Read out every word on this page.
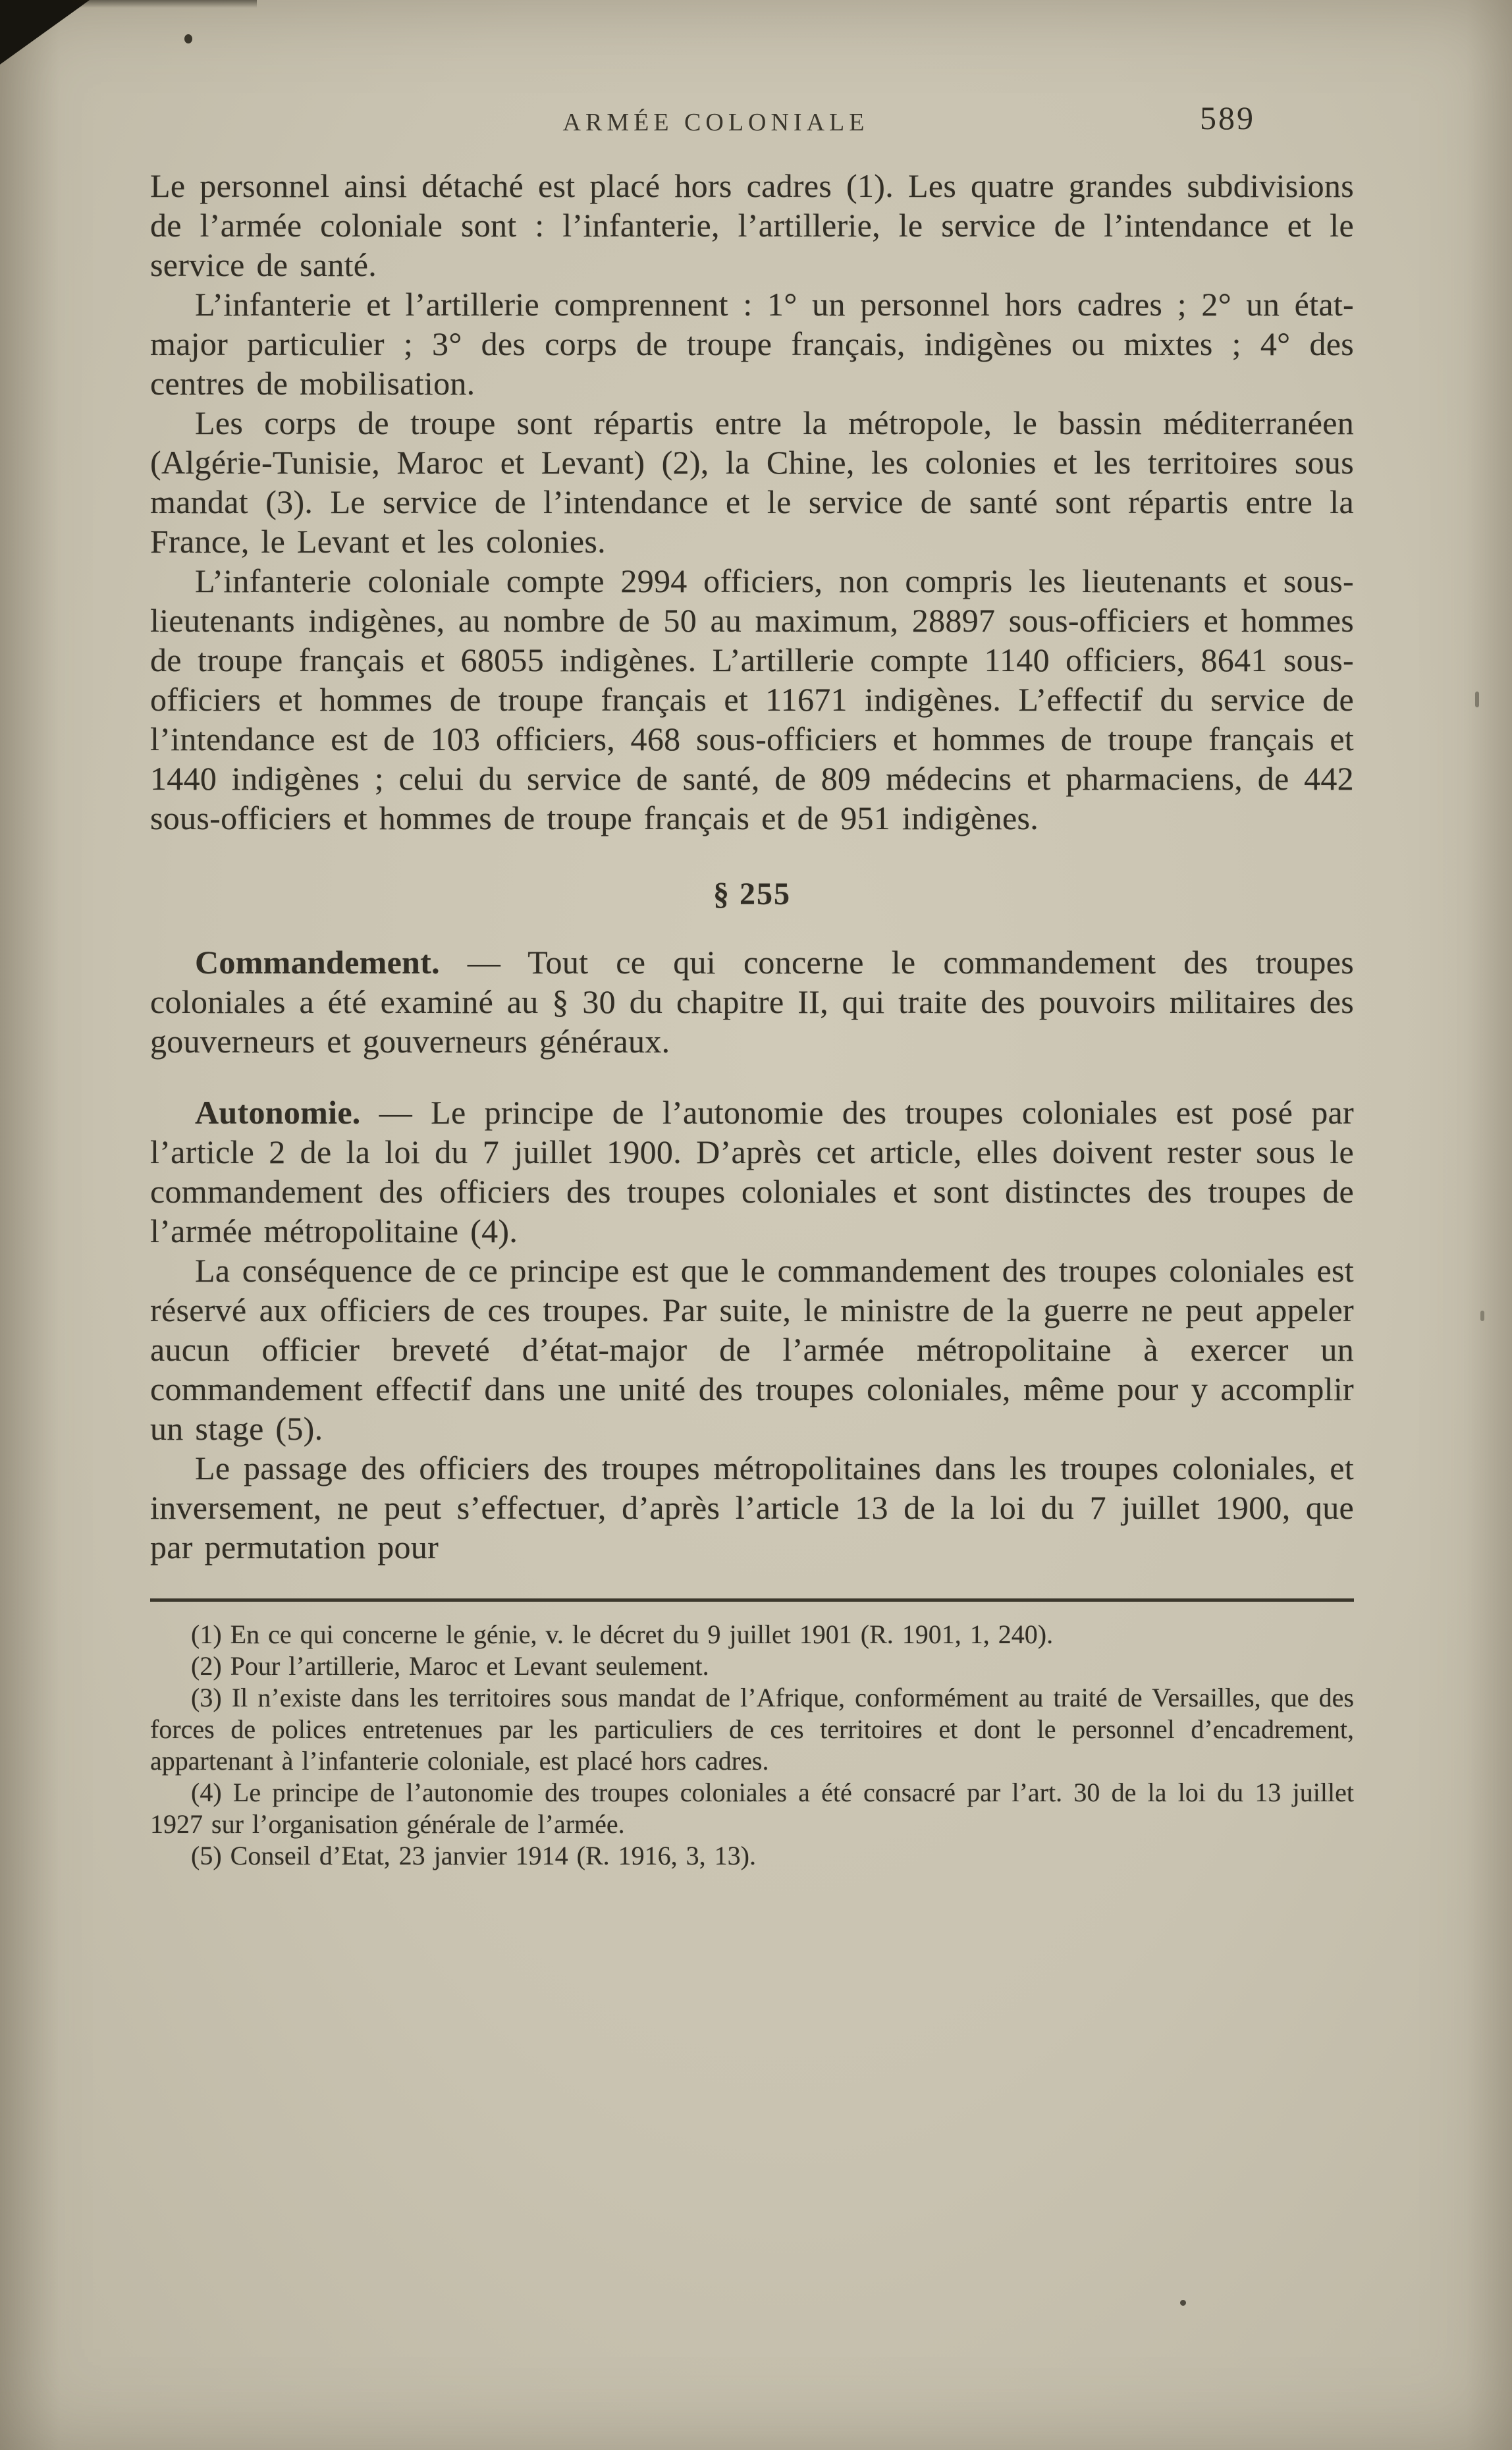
ARMÉE COLONIALE	589

Le personnel ainsi détaché est placé hors cadres (1). Les quatre grandes subdivisions de l’armée coloniale sont : l’infanterie, l’artillerie, le service de l’intendance et le service de santé.

L’infanterie et l’artillerie comprennent : 1° un personnel hors cadres ; 2° un état-major particulier ; 3° des corps de troupe français, indigènes ou mixtes ; 4° des centres de mobilisation.

Les corps de troupe sont répartis entre la métropole, le bassin méditerranéen (Algérie-Tunisie, Maroc et Levant) (2), la Chine, les colonies et les territoires sous mandat (3). Le service de l’intendance et le service de santé sont répartis entre la France, le Levant et les colonies.

L’infanterie coloniale compte 2994 officiers, non compris les lieutenants et sous-lieutenants indigènes, au nombre de 50 au maximum, 28897 sous-officiers et hommes de troupe français et 68055 indigènes. L’artillerie compte 1140 officiers, 8641 sous-officiers et hommes de troupe français et 11671 indigènes. L’effectif du service de l’intendance est de 103 officiers, 468 sous-officiers et hommes de troupe français et 1440 indigènes ; celui du service de santé, de 809 médecins et pharmaciens, de 442 sous-officiers et hommes de troupe français et de 951 indigènes.

§ 255

Commandement. — Tout ce qui concerne le commandement des troupes coloniales a été examiné au § 30 du chapitre II, qui traite des pouvoirs militaires des gouverneurs et gouverneurs généraux.

Autonomie. — Le principe de l’autonomie des troupes coloniales est posé par l’article 2 de la loi du 7 juillet 1900. D’après cet article, elles doivent rester sous le commandement des officiers des troupes coloniales et sont distinctes des troupes de l’armée métropolitaine (4).

La conséquence de ce principe est que le commandement des troupes coloniales est réservé aux officiers de ces troupes. Par suite, le ministre de la guerre ne peut appeler aucun officier breveté d’état-major de l’armée métropolitaine à exercer un commandement effectif dans une unité des troupes coloniales, même pour y accomplir un stage (5).

Le passage des officiers des troupes métropolitaines dans les troupes coloniales, et inversement, ne peut s’effectuer, d’après l’article 13 de la loi du 7 juillet 1900, que par permutation pour

(1) En ce qui concerne le génie, v. le décret du 9 juillet 1901 (R. 1901, 1, 240).

(2) Pour l’artillerie, Maroc et Levant seulement.

(3) Il n’existe dans les territoires sous mandat de l’Afrique, conformément au traité de Versailles, que des forces de polices entretenues par les particuliers de ces territoires et dont le personnel d’encadrement, appartenant à l’infanterie coloniale, est placé hors cadres.

(4) Le principe de l’autonomie des troupes coloniales a été consacré par l’art. 30 de la loi du 13 juillet 1927 sur l’organisation générale de l’armée.

(5) Conseil d’Etat, 23 janvier 1914 (R. 1916, 3, 13).
